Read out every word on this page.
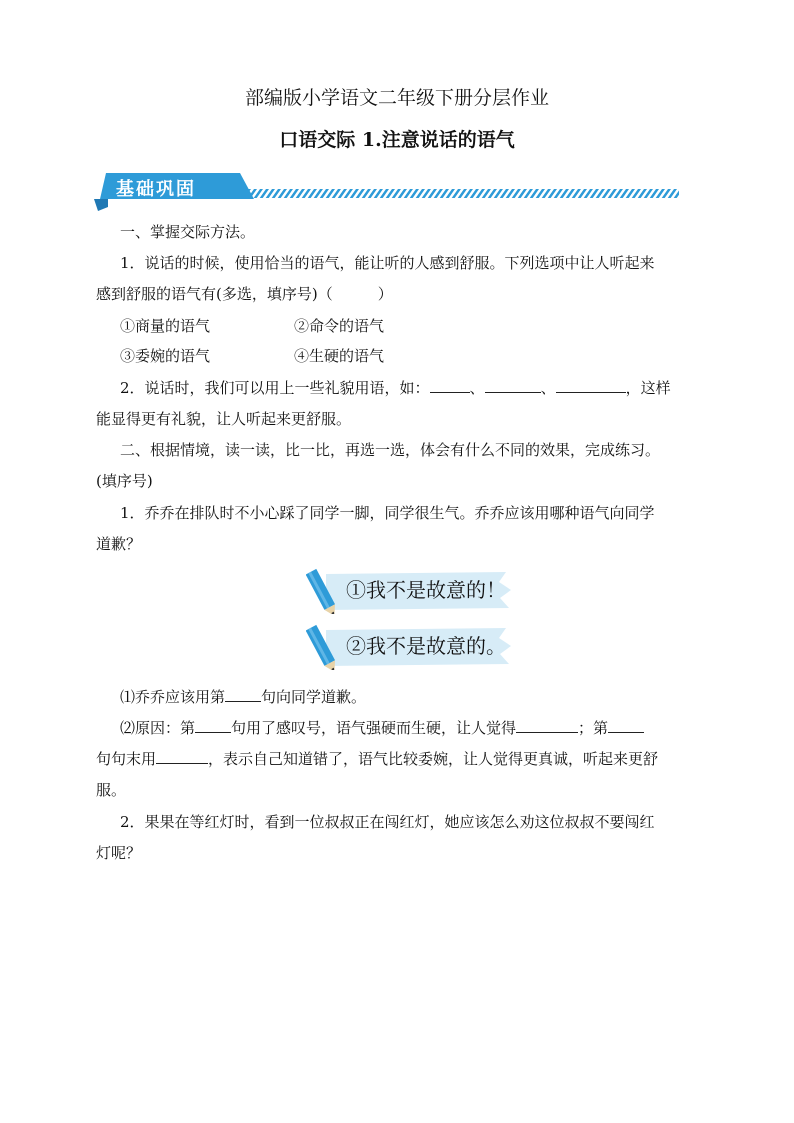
部编版小学语文二年级下册分层作业
口语交际 1.注意说话的语气
基础巩固
一、掌握交际方法。
1．说话的时候，使用恰当的语气，能让听的人感到舒服。下列选项中让人听起来
感到舒服的语气有(多选，填序号)（　　　）
①商量的语气	②命令的语气
③委婉的语气	④生硬的语气
2．说话时，我们可以用上一些礼貌用语，如：	、	、	，这样
能显得更有礼貌，让人听起来更舒服。
二、根据情境，读一读，比一比，再选一选，体会有什么不同的效果，完成练习。
(填序号)
1．乔乔在排队时不小心踩了同学一脚，同学很生气。乔乔应该用哪种语气向同学
道歉？
①我不是故意的！
②我不是故意的。
⑴乔乔应该用第 句向同学道歉。
⑵原因：第 句用了感叹号，语气强硬而生硬，让人觉得	；第
句句末用	，表示自己知道错了，语气比较委婉，让人觉得更真诚，听起来更舒
服。
2．果果在等红灯时，看到一位叔叔正在闯红灯，她应该怎么劝这位叔叔不要闯红
灯呢？
